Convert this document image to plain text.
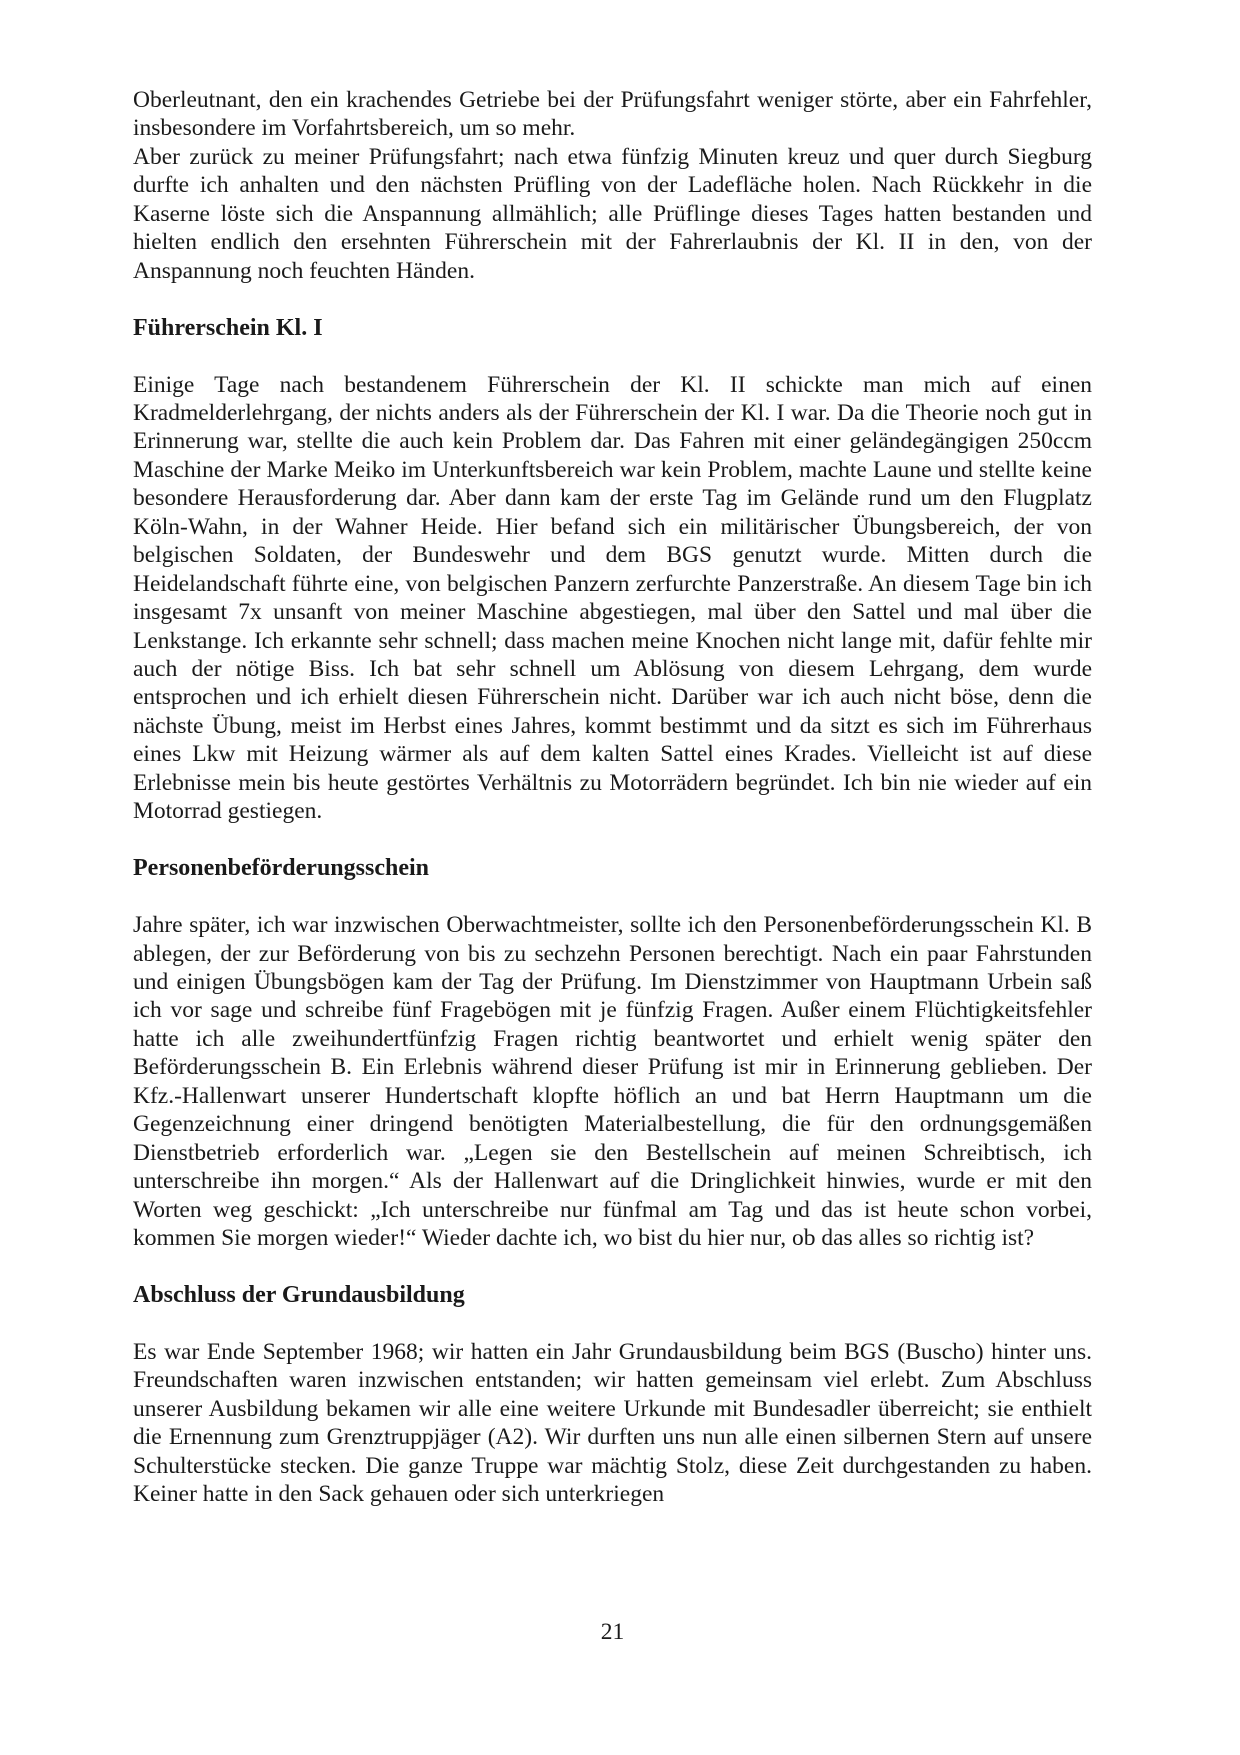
Oberleutnant, den ein krachendes Getriebe bei der Prüfungsfahrt weniger störte, aber ein Fahrfehler, insbesondere im Vorfahrtsbereich, um so mehr.

Aber zurück zu meiner Prüfungsfahrt; nach etwa fünfzig Minuten kreuz und quer durch Siegburg durfte ich anhalten und den nächsten Prüfling von der Ladefläche holen. Nach Rückkehr in die Kaserne löste sich die Anspannung allmählich; alle Prüflinge dieses Tages hatten bestanden und hielten endlich den ersehnten Führerschein mit der Fahrerlaubnis der Kl. II in den, von der Anspannung noch feuchten Händen.

Führerschein Kl. I

Einige Tage nach bestandenem Führerschein der Kl. II schickte man mich auf einen Kradmelderlehrgang, der nichts anders als der Führerschein der Kl. I war. Da die Theorie noch gut in Erinnerung war, stellte die auch kein Problem dar. Das Fahren mit einer geländegängigen 250ccm Maschine der Marke Meiko im Unterkunftsbereich war kein Problem, machte Laune und stellte keine besondere Herausforderung dar. Aber dann kam der erste Tag im Gelände rund um den Flugplatz Köln-Wahn, in der Wahner Heide. Hier befand sich ein militärischer Übungsbereich, der von belgischen Soldaten, der Bundeswehr und dem BGS genutzt wurde. Mitten durch die Heidelandschaft führte eine, von belgischen Panzern zerfurchte Panzerstraße. An diesem Tage bin ich insgesamt 7x unsanft von meiner Maschine abgestiegen, mal über den Sattel und mal über die Lenkstange. Ich erkannte sehr schnell; dass machen meine Knochen nicht lange mit, dafür fehlte mir auch der nötige Biss. Ich bat sehr schnell um Ablösung von diesem Lehrgang, dem wurde entsprochen und ich erhielt diesen Führerschein nicht. Darüber war ich auch nicht böse, denn die nächste Übung, meist im Herbst eines Jahres, kommt bestimmt und da sitzt es sich im Führerhaus eines Lkw mit Heizung wärmer als auf dem kalten Sattel eines Krades. Vielleicht ist auf diese Erlebnisse mein bis heute gestörtes Verhältnis zu Motorrädern begründet. Ich bin nie wieder auf ein Motorrad gestiegen.

Personenbeförderungsschein

Jahre später, ich war inzwischen Oberwachtmeister, sollte ich den Personenbeförderungsschein Kl. B ablegen, der zur Beförderung von bis zu sechzehn Personen berechtigt. Nach ein paar Fahrstunden und einigen Übungsbögen kam der Tag der Prüfung. Im Dienstzimmer von Hauptmann Urbein saß ich vor sage und schreibe fünf Fragebögen mit je fünfzig Fragen. Außer einem Flüchtigkeitsfehler hatte ich alle zweihundertfünfzig Fragen richtig beantwortet und erhielt wenig später den Beförderungsschein B. Ein Erlebnis während dieser Prüfung ist mir in Erinnerung geblieben. Der Kfz.-Hallenwart unserer Hundertschaft klopfte höflich an und bat Herrn Hauptmann um die Gegenzeichnung einer dringend benötigten Materialbestellung, die für den ordnungsgemäßen Dienstbetrieb erforderlich war. „Legen sie den Bestellschein auf meinen Schreibtisch, ich unterschreibe ihn morgen.“ Als der Hallenwart auf die Dringlichkeit hinwies, wurde er mit den Worten weg geschickt: „Ich unterschreibe nur fünfmal am Tag und das ist heute schon vorbei, kommen Sie morgen wieder!“ Wieder dachte ich, wo bist du hier nur, ob das alles so richtig ist?

Abschluss der Grundausbildung

Es war Ende September 1968; wir hatten ein Jahr Grundausbildung beim BGS (Buscho) hinter uns. Freundschaften waren inzwischen entstanden; wir hatten gemeinsam viel erlebt. Zum Abschluss unserer Ausbildung bekamen wir alle eine weitere Urkunde mit Bundesadler überreicht; sie enthielt die Ernennung zum Grenztruppjäger (A2). Wir durften uns nun alle einen silbernen Stern auf unsere Schulterstücke stecken. Die ganze Truppe war mächtig Stolz, diese Zeit durchgestanden zu haben. Keiner hatte in den Sack gehauen oder sich unterkriegen

21
